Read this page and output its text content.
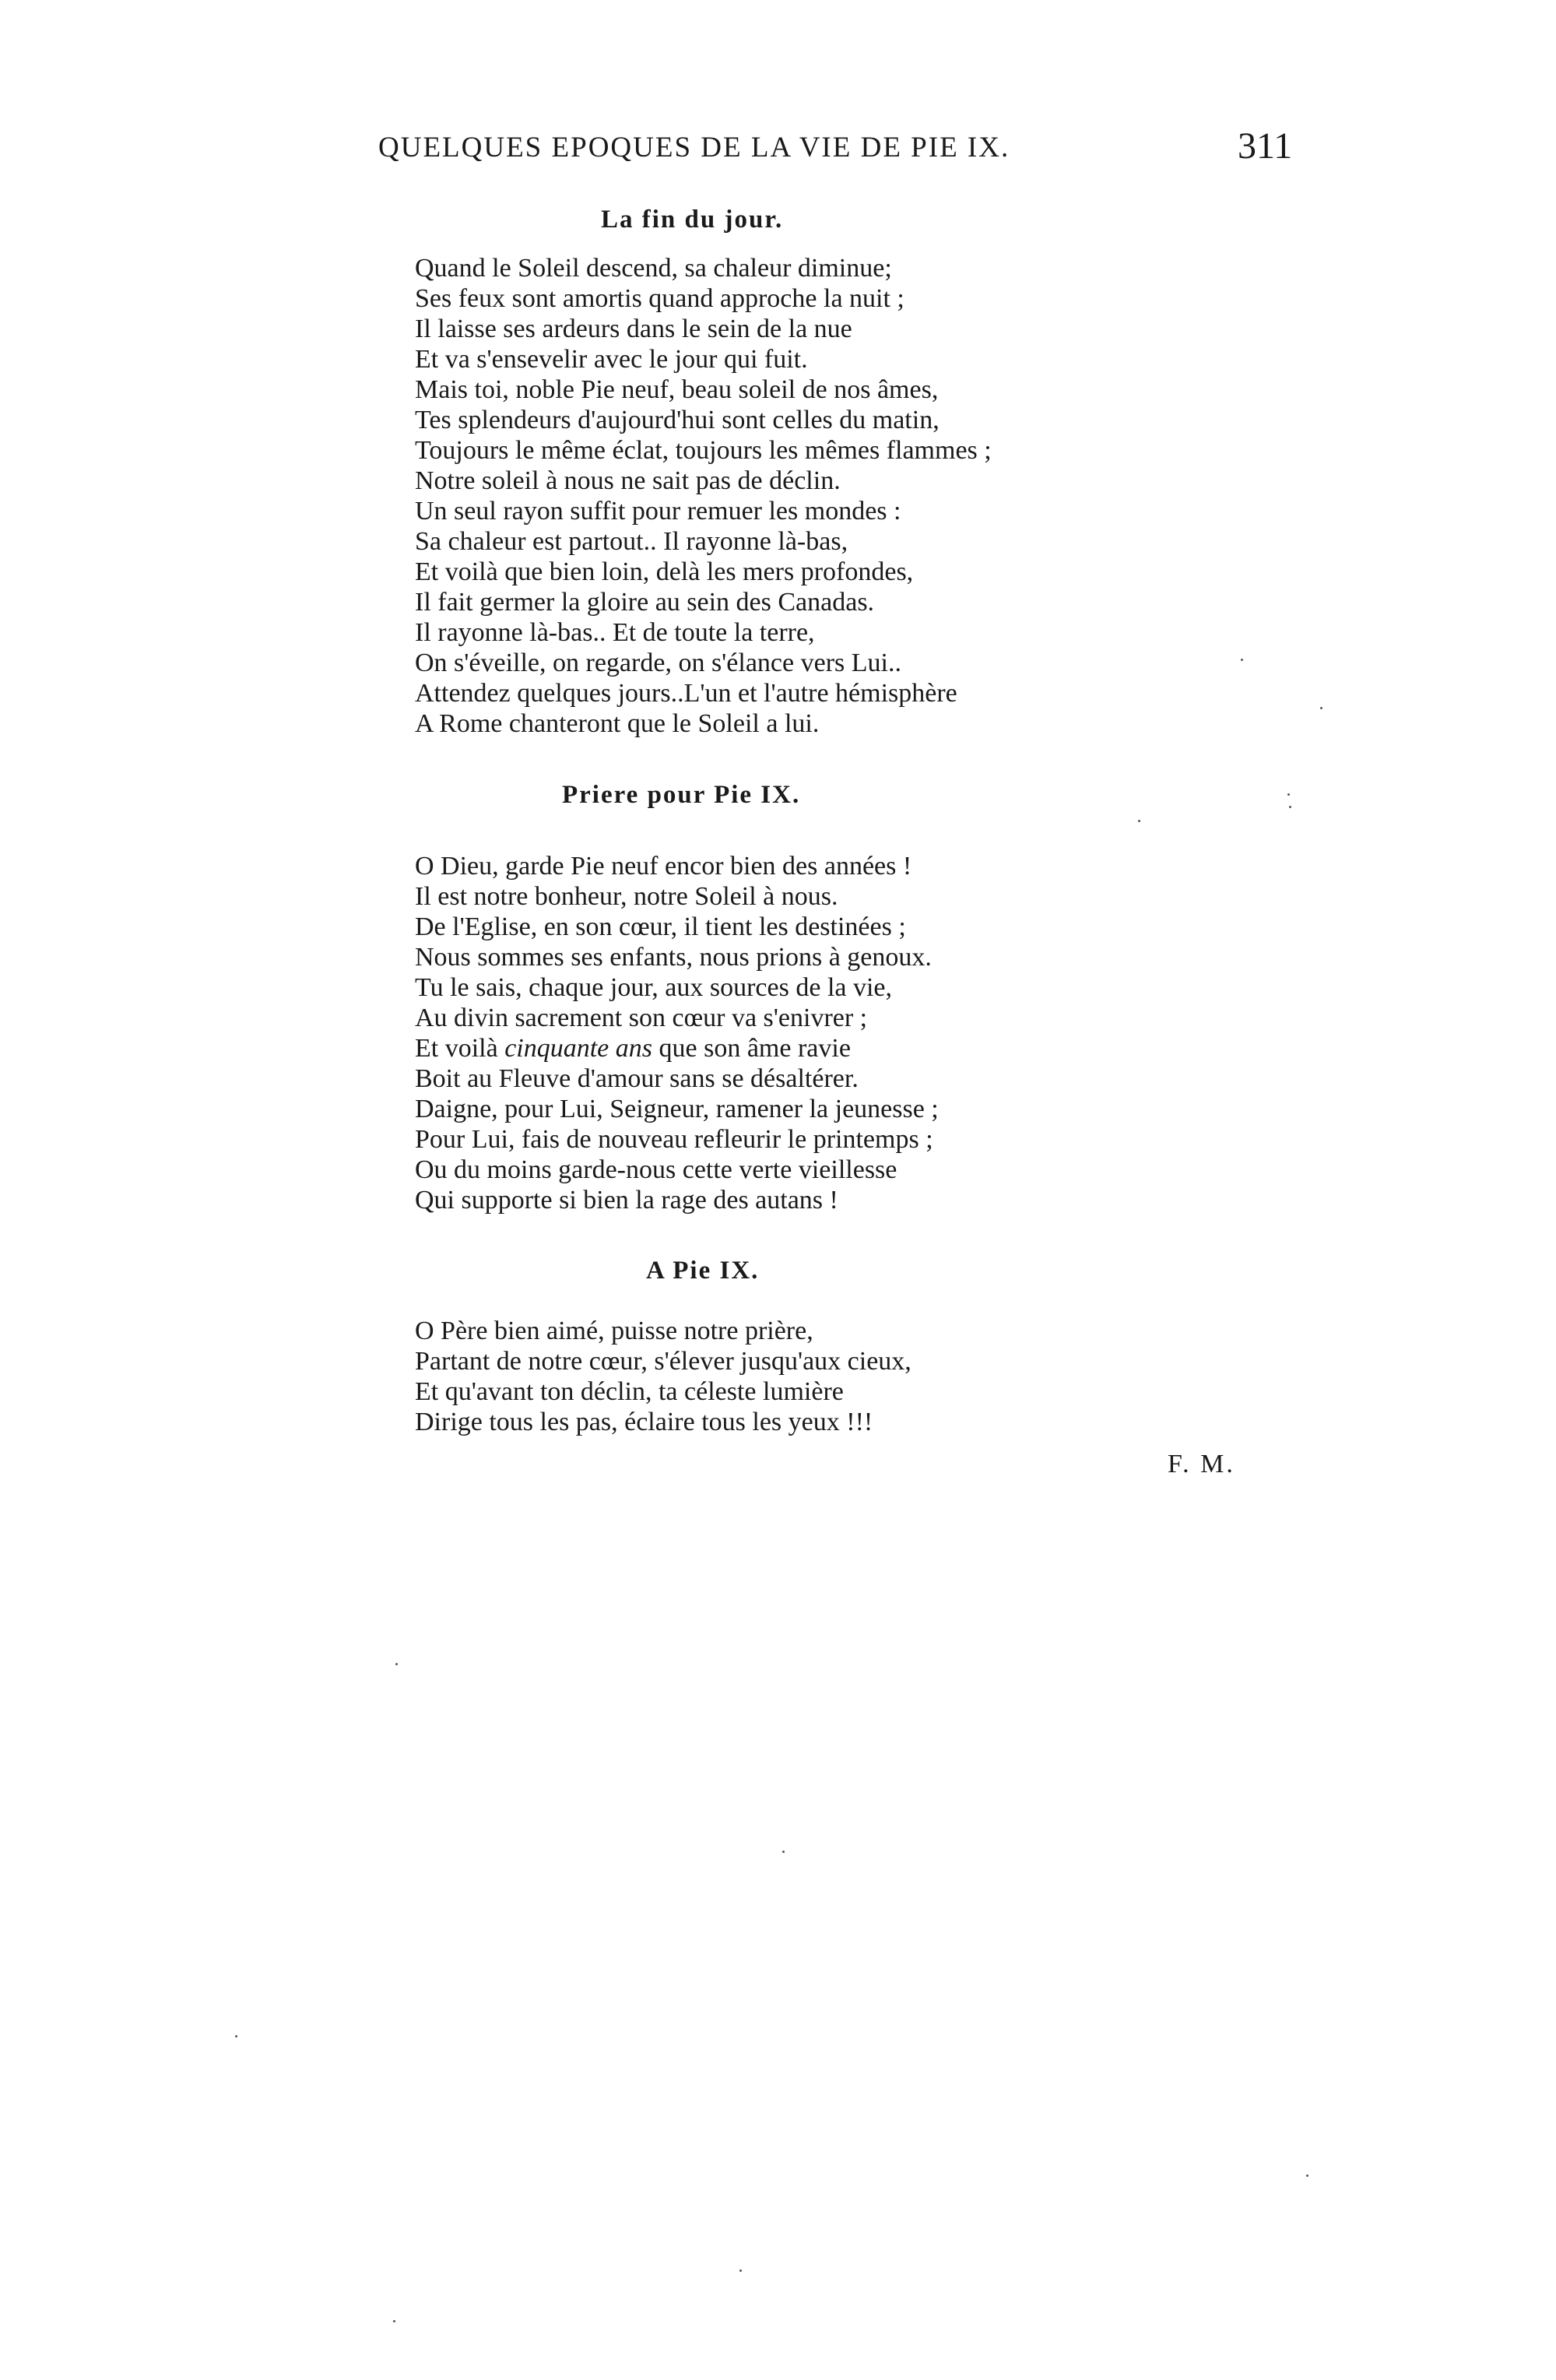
QUELQUES EPOQUES DE LA VIE DE PIE IX.	311
La fin du jour.
Quand le Soleil descend, sa chaleur diminue;
Ses feux sont amortis quand approche la nuit ;
Il laisse ses ardeurs dans le sein de la nue
Et va s'ensevelir avec le jour qui fuit.
Mais toi, noble Pie neuf, beau soleil de nos âmes,
Tes splendeurs d'aujourd'hui sont celles du matin,
Toujours le même éclat, toujours les mêmes flammes ;
Notre soleil à nous ne sait pas de déclin.
Un seul rayon suffit pour remuer les mondes :
Sa chaleur est partout.. Il rayonne là-bas,
Et voilà que bien loin, delà les mers profondes,
Il fait germer la gloire au sein des Canadas.
Il rayonne là-bas.. Et de toute la terre,
On s'éveille, on regarde, on s'élance vers Lui..
Attendez quelques jours..L'un et l'autre hémisphère
A Rome chanteront que le Soleil a lui.
Priere pour Pie IX.
O Dieu, garde Pie neuf encor bien des années !
Il est notre bonheur, notre Soleil à nous.
De l'Eglise, en son cœur, il tient les destinées ;
Nous sommes ses enfants, nous prions à genoux.
Tu le sais, chaque jour, aux sources de la vie,
Au divin sacrement son cœur va s'enivrer ;
Et voilà cinquante ans que son âme ravie
Boit au Fleuve d'amour sans se désaltérer.
Daigne, pour Lui, Seigneur, ramener la jeunesse ;
Pour Lui, fais de nouveau refleurir le printemps ;
Ou du moins garde-nous cette verte vieillesse
Qui supporte si bien la rage des autans !
A Pie IX.
O Père bien aimé, puisse notre prière,
Partant de notre cœur, s'élever jusqu'aux cieux,
Et qu'avant ton déclin, ta céleste lumière
Dirige tous les pas, éclaire tous les yeux !!!
F. M.
